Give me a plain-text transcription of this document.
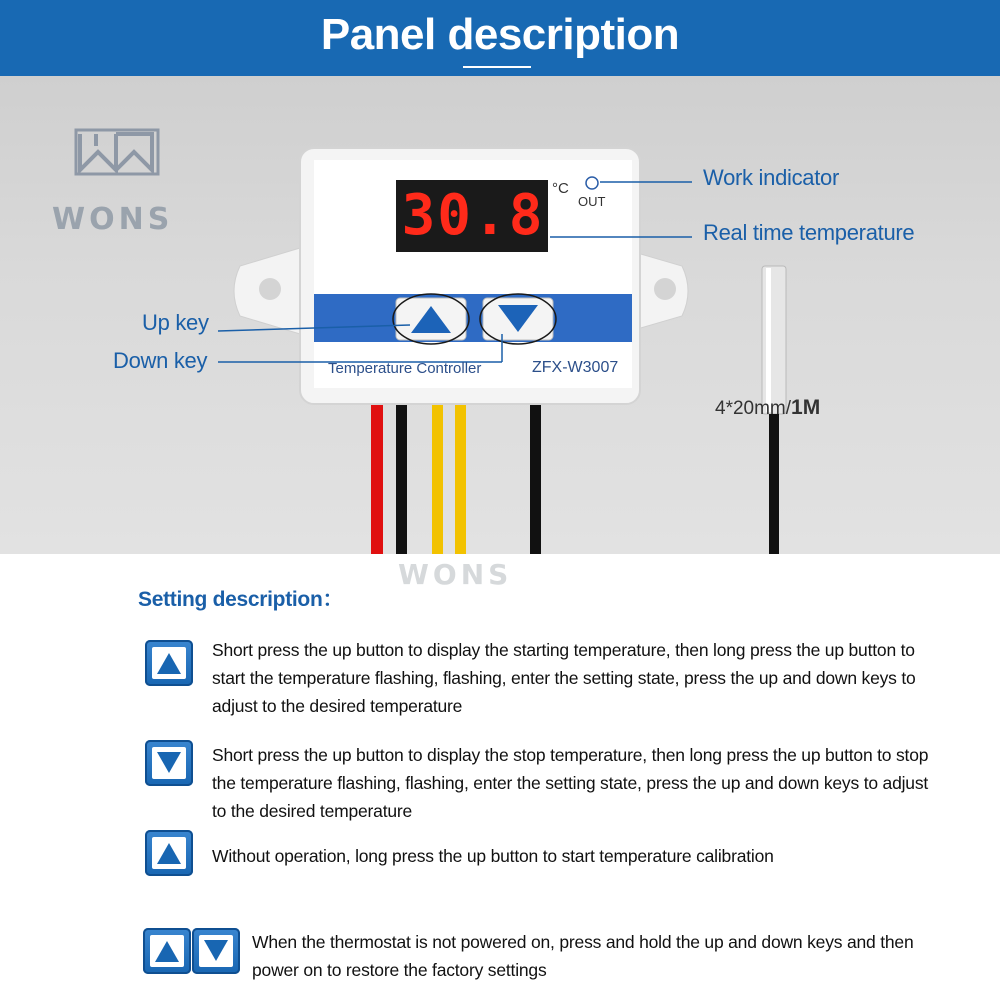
Panel description
WONS	30.8 °C
OUT
Temperature Controller	ZFX-W3007
WONS
Work indicator
Real time temperature
Up key
Down key
4*20mm/1M
Setting description：
Short press the up button to display the starting temperature, then long press the up button to start the temperature flashing, flashing, enter the setting state, press the up and down keys to adjust to the desired temperature
Short press the up button to display the stop temperature, then long press the up button to stop the temperature flashing, flashing, enter the setting state, press the up and down keys to adjust to the desired temperature
Without operation, long press the up button to start temperature calibration
When the thermostat is not powered on, press and hold the up and down keys and then power on to restore the factory settings
